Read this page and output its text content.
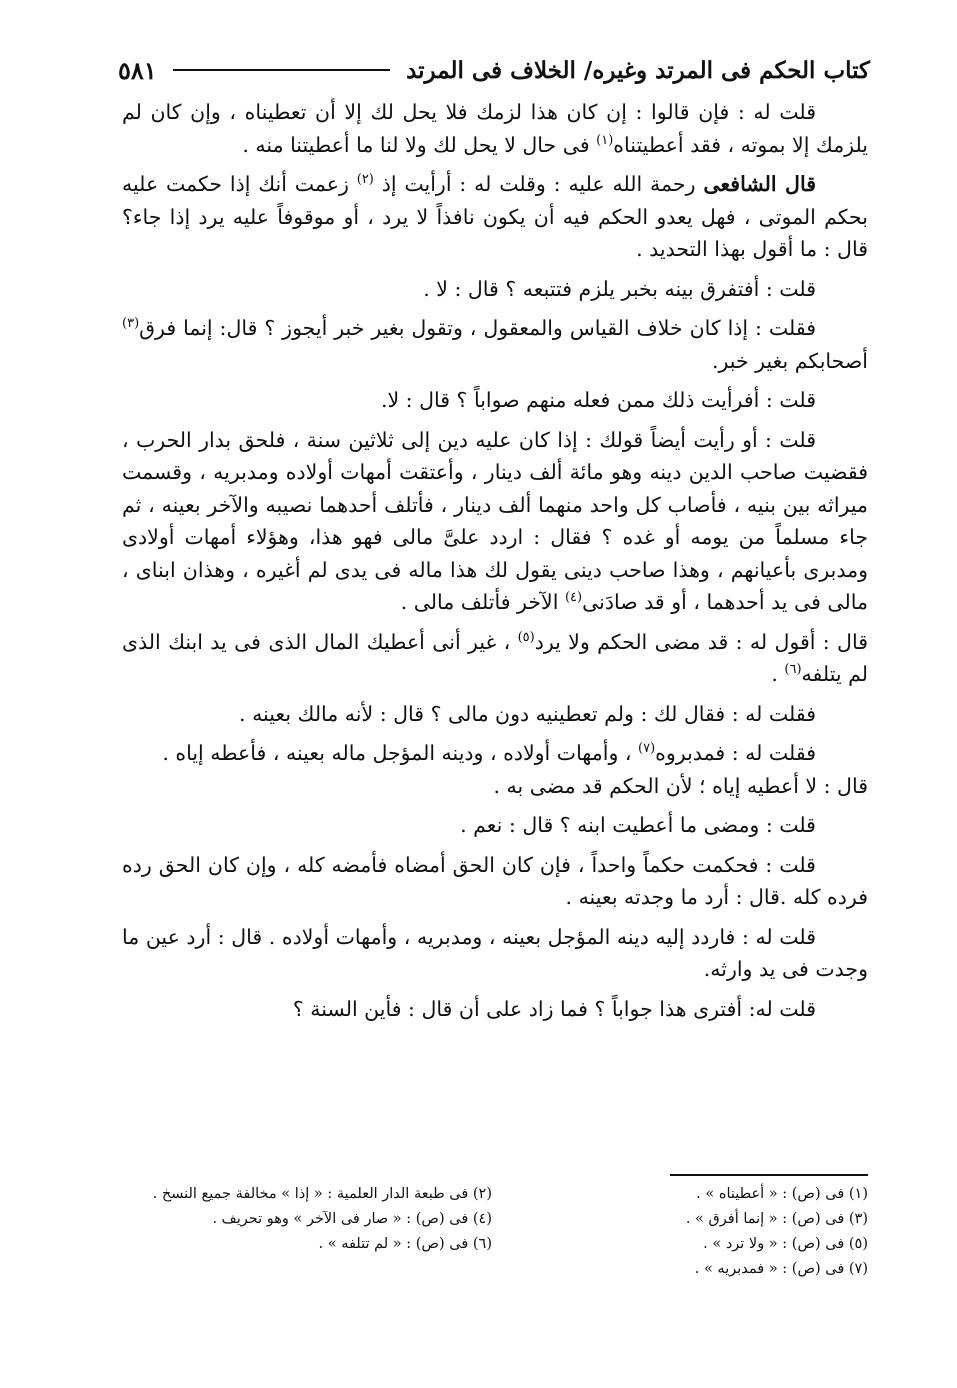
كتاب الحكم فى المرتد وغيره/ الخلاف فى المرتد
٥٨١

قلت له : فإن قالوا : إن كان هذا لزمك فلا يحل لك إلا أن تعطيناه ، وإن كان لم يلزمك إلا بموته ، فقد أعطيتناه$^{(١)}$ فى حال لا يحل لك ولا لنا ما أعطيتنا منه .

قال الشافعى رحمة الله عليه : وقلت له : أرأيت إذ $^{(٢)}$ زعمت أنك إذا حكمت عليه بحكم الموتى ، فهل يعدو الحكم فيه أن يكون نافذاً لا يرد ، أو موقوفاً عليه يرد إذا جاء؟ قال : ما أقول بهذا التحديد .

قلت : أفتفرق بينه بخبر يلزم فتتبعه ؟ قال : لا .

فقلت : إذا كان خلاف القياس والمعقول ، وتقول بغير خبر أيجوز ؟ قال: إنما فرق$^{(٣)}$ أصحابكم بغير خبر.

قلت : أفرأيت ذلك ممن فعله منهم صواباً ؟ قال : لا.

قلت : أو رأيت أيضاً قولك : إذا كان عليه دين إلى ثلاثين سنة ، فلحق بدار الحرب ، فقضيت صاحب الدين دينه وهو مائة ألف دينار ، وأعتقت أمهات أولاده ومدبريه ، وقسمت ميراثه بين بنيه ، فأصاب كل واحد منهما ألف دينار ، فأتلف أحدهما نصيبه والآخر بعينه ، ثم جاء مسلماً من يومه أو غده ؟ فقال : اردد علىَّ مالى فهو هذا، وهؤلاء أمهات أولادى ومدبرى بأعيانهم ، وهذا صاحب دينى يقول لك هذا ماله فى يدى لم أغيره ، وهذان ابناى ، مالى فى يد أحدهما ، أو قد صادَنى$^{(٤)}$ الآخر فأتلف مالى .

قال : أقول له : قد مضى الحكم ولا يرد$^{(٥)}$ ، غير أنى أعطيك المال الذى فى يد ابنك الذى لم يتلفه$^{(٦)}$ .

فقلت له : فقال لك : ولم تعطينيه دون مالى ؟ قال : لأنه مالك بعينه .

فقلت له : فمدبروه$^{(٧)}$ ، وأمهات أولاده ، ودينه المؤجل ماله بعينه ، فأعطه إياه .

قال : لا أعطيه إياه ؛ لأن الحكم قد مضى به .

قلت : ومضى ما أعطيت ابنه ؟ قال : نعم .

قلت : فحكمت حكماً واحداً ، فإن كان الحق أمضاه فأمضه كله ، وإن كان الحق رده فرده كله .قال : أرد ما وجدته بعينه .

قلت له : فاردد إليه دينه المؤجل بعينه ، ومدبريه ، وأمهات أولاده . قال : أرد عين ما وجدت فى يد وارثه.

قلت له: أفترى هذا جواباً ؟ فما زاد على أن قال : فأين السنة ؟

(١) فى (ص) : « أعطيناه » .
(٢) فى طبعة الدار العلمية : « إذا » مخالفة جميع النسخ .
(٣) فى (ص) : « إنما أفرق » .
(٤) فى (ص) : « صار فى الآخر » وهو تحريف .
(٥) فى (ص) : « ولا ترد » .
(٦) فى (ص) : « لم تتلفه » .
(٧) فى (ص) : « فمدبريه » .
